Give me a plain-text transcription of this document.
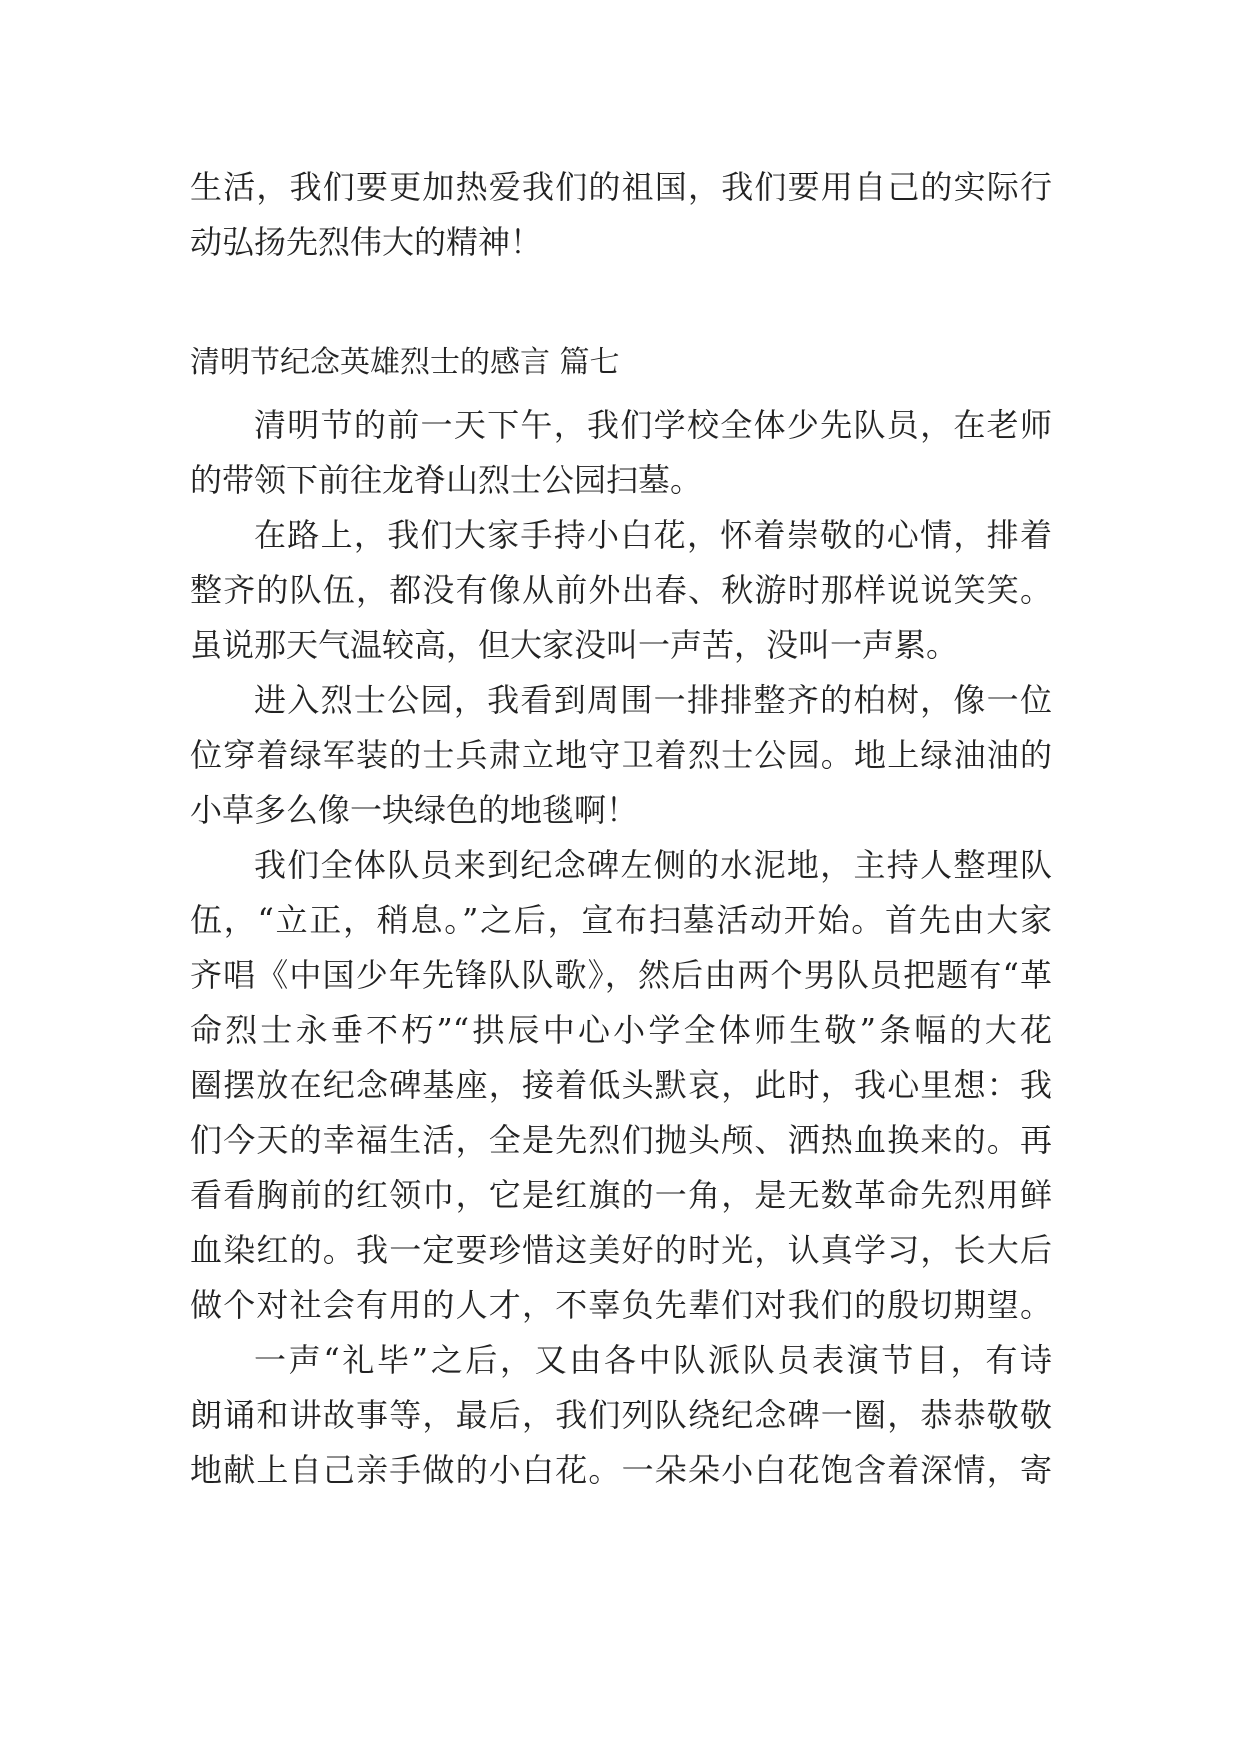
生活，我们要更加热爱我们的祖国，我们要用自己的实际行
动弘扬先烈伟大的精神！
清明节纪念英雄烈士的感言 篇七
清明节的前一天下午，我们学校全体少先队员，在老师
的带领下前往龙脊山烈士公园扫墓。
在路上，我们大家手持小白花，怀着崇敬的心情，排着
整齐的队伍，都没有像从前外出春、秋游时那样说说笑笑。
虽说那天气温较高，但大家没叫一声苦，没叫一声累。
进入烈士公园，我看到周围一排排整齐的柏树，像一位
位穿着绿军装的士兵肃立地守卫着烈士公园。地上绿油油的
小草多么像一块绿色的地毯啊！
我们全体队员来到纪念碑左侧的水泥地，主持人整理队
伍，“立正，稍息。”之后，宣布扫墓活动开始。首先由大家
齐唱《中国少年先锋队队歌》，然后由两个男队员把题有“革
命烈士永垂不朽”“拱辰中心小学全体师生敬”条幅的大花
圈摆放在纪念碑基座，接着低头默哀，此时，我心里想：我
们今天的幸福生活，全是先烈们抛头颅、洒热血换来的。再
看看胸前的红领巾，它是红旗的一角，是无数革命先烈用鲜
血染红的。我一定要珍惜这美好的时光，认真学习，长大后
做个对社会有用的人才，不辜负先辈们对我们的殷切期望。
一声“礼毕”之后，又由各中队派队员表演节目，有诗
朗诵和讲故事等，最后，我们列队绕纪念碑一圈，恭恭敬敬
地献上自己亲手做的小白花。一朵朵小白花饱含着深情，寄
